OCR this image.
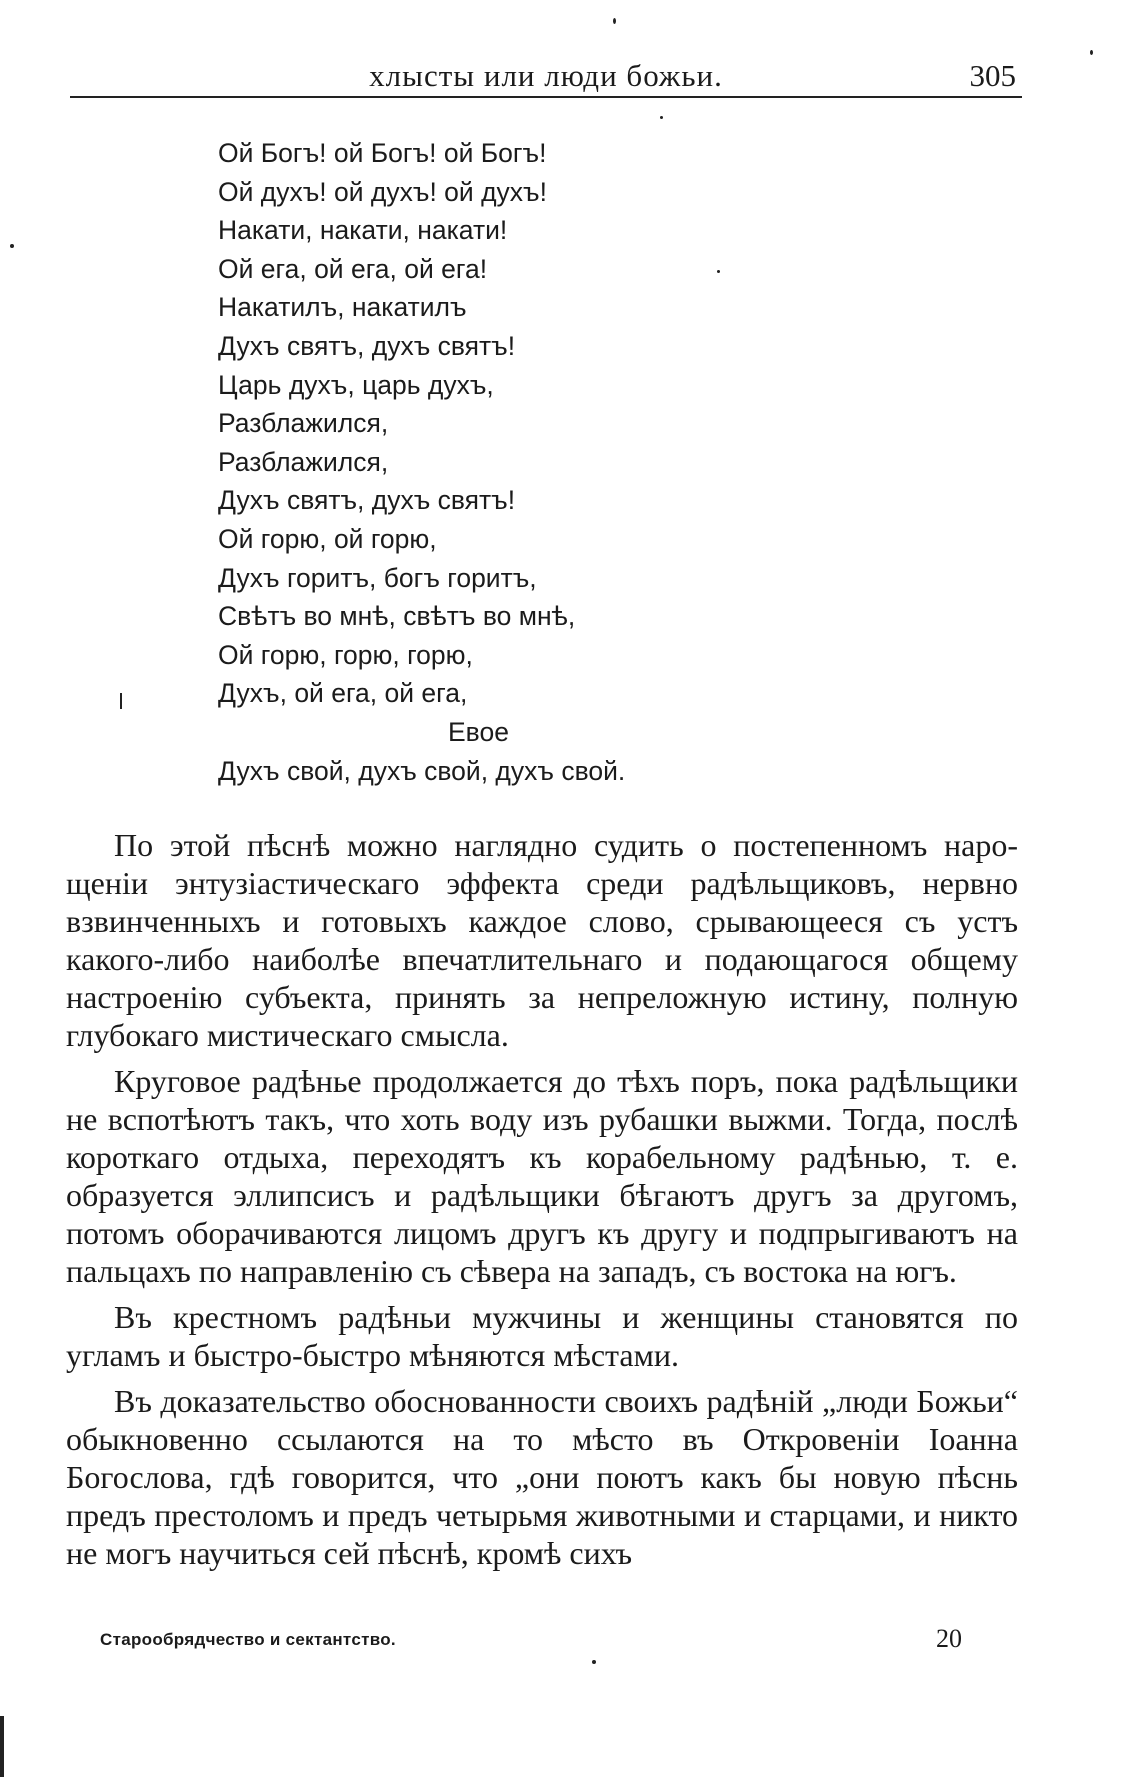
хлысты или люди божьи.	305
Ой Богъ! ой Богъ! ой Богъ!
Ой духъ! ой духъ! ой духъ!
Накати, накати, накати!
Ой ега, ой ега, ой ега!
Накатилъ, накатилъ
Духъ святъ, духъ святъ!
Царь духъ, царь духъ,
Разблажился,
Разблажился,
Духъ святъ, духъ святъ!
Ой горю, ой горю,
Духъ горитъ, богъ горитъ,
Свѣтъ во мнѣ, свѣтъ во мнѣ,
Ой горю, горю, горю,
Духъ, ой ега, ой ега,
Евое
Духъ свой, духъ свой, духъ свой.

По этой пѣснѣ можно наглядно судить о постепенномъ нарощенiи энтузiастическаго эффекта среди радѣльщиковъ, нервно взвинченныхъ и готовыхъ каждое слово, срывающееся съ устъ какого-либо наиболѣе впечатлительнаго и подающагося общему настроенiю субъекта, принять за непреложную истину, полную глубокаго мистическаго смысла.

Круговое радѣнье продолжается до тѣхъ поръ, пока радѣльщики не вспотѣютъ такъ, что хоть воду изъ рубашки выжми. Тогда, послѣ короткаго отдыха, переходятъ къ корабельному радѣнью, т. е. образуется эллипсисъ и радѣльщики бѣгаютъ другъ за другомъ, потомъ оборачиваются лицомъ другъ къ другу и подпрыгиваютъ на пальцахъ по направленiю съ сѣвера на западъ, съ востока на югъ.

Въ крестномъ радѣньи мужчины и женщины становятся по угламъ и быстро-быстро мѣняются мѣстами.

Въ доказательство обоснованности своихъ радѣнiй „люди Божьи“ обыкновенно ссылаются на то мѣсто въ Откровенiи Iоанна Богослова, гдѣ говорится, что „они поютъ какъ бы новую пѣснь предъ престоломъ и предъ четырьмя животными и старцами, и никто не могъ научиться сей пѣснѣ, кромѣ сихъ

Старообрядчество и сектантство.	20
